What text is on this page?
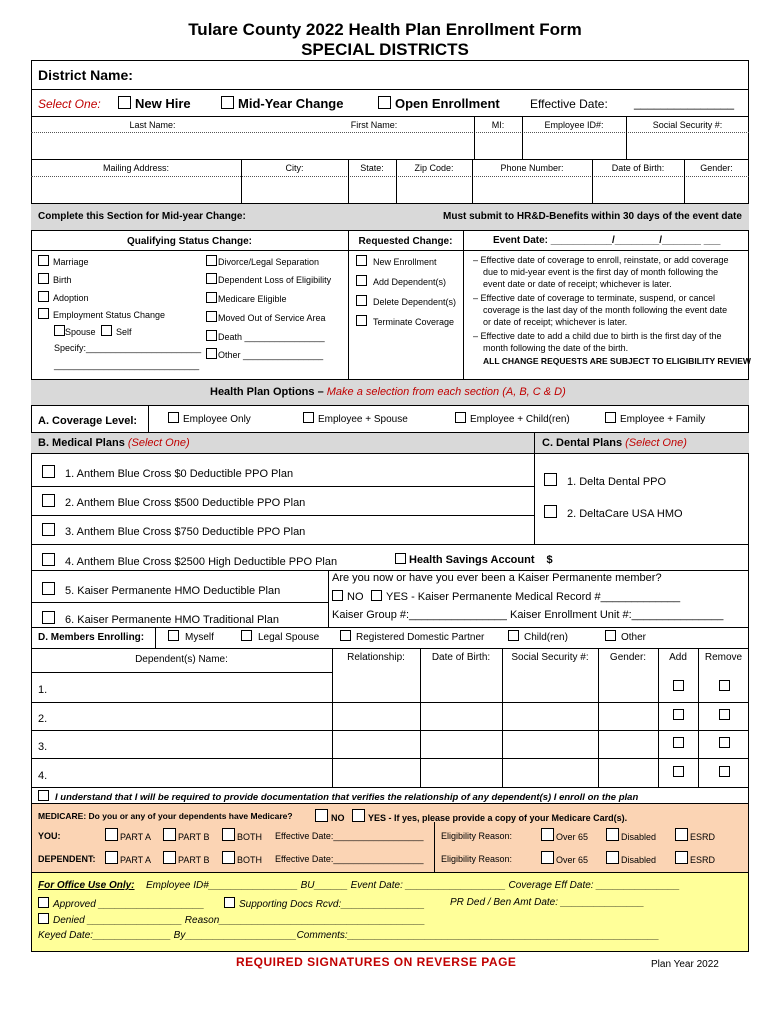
Tulare County 2022 Health Plan Enrollment Form
SPECIAL DISTRICTS
District Name:
Select One:	New Hire	Mid-Year Change	Open Enrollment	Effective Date: _______________
Last Name:	First Name:	MI:	Employee ID#:	Social Security #:
Mailing Address:	City:	State:	Zip Code:	Phone Number:	Date of Birth:	Gender:
Complete this Section for Mid-year Change:	Must submit to HR&D-Benefits within 30 days of the event date
Qualifying Status Change:	Requested Change:	Event Date: ___________/________/_______ ___
Marriage
Birth
Adoption
Employment Status Change
Spouse	Self
Specify:_______________________
_____________________________
Divorce/Legal Separation
Dependent Loss of Eligibility
Medicare Eligible
Moved Out of Service Area
Death ________________
Other ________________
New Enrollment
Add Dependent(s)
Delete Dependent(s)
Terminate Coverage
– Effective date of coverage to enroll, reinstate, or add coverage
due to mid-year event is the first day of month following the
event date or date of receipt; whichever is later.
– Effective date of coverage to terminate, suspend, or cancel
coverage is the last day of the month following the event date
or date of receipt; whichever is later.
– Effective date to add a child due to birth is the first day of the
month following the date of the birth.
ALL CHANGE REQUESTS ARE SUBJECT TO ELIGIBILITY REVIEW
Health Plan Options – Make a selection from each section (A, B, C & D)
A. Coverage Level:	Employee Only	Employee + Spouse	Employee + Child(ren)	Employee + Family
B. Medical Plans (Select One)	C. Dental Plans (Select One)
1. Anthem Blue Cross $0 Deductible PPO Plan
2. Anthem Blue Cross $500 Deductible PPO Plan
3. Anthem Blue Cross $750 Deductible PPO Plan
4. Anthem Blue Cross $2500 High Deductible PPO Plan	Health Savings Account $
5. Kaiser Permanente HMO Deductible Plan
6. Kaiser Permanente HMO Traditional Plan
1. Delta Dental PPO
2. DeltaCare USA HMO
Are you now or have you ever been a Kaiser Permanente member?
NO	YES - Kaiser Permanente Medical Record #_____________
Kaiser Group #:________________ Kaiser Enrollment Unit #:_______________
D. Members Enrolling:	Myself	Legal Spouse	Registered Domestic Partner	Child(ren)	Other
Dependent(s) Name:	Relationship:	Date of Birth:	Social Security #:	Gender:	Add	Remove
1.
2.
3.
4.
I understand that I will be required to provide documentation that verifies the relationship of any dependent(s) I enroll on the plan
MEDICARE: Do you or any of your dependents have Medicare?	NO	YES - If yes, please provide a copy of your Medicare Card(s).
YOU:	PART A	PART B	BOTH Effective Date:__________________ Eligibility Reason:	Over 65	Disabled	ESRD
DEPENDENT:	PART A	PART B	BOTH Effective Date:__________________ Eligibility Reason:	Over 65	Disabled	ESRD
For Office Use Only: Employee ID#________________ BU______ Event Date: __________________ Coverage Eff Date: _______________
Approved ___________________	Supporting Docs Rcvd:_______________	PR Ded / Ben Amt Date: _______________
Denied _________________ Reason_____________________________________
Keyed Date:______________ By____________________Comments:________________________________________________________
REQUIRED SIGNATURES ON REVERSE PAGE	Plan Year 2022
